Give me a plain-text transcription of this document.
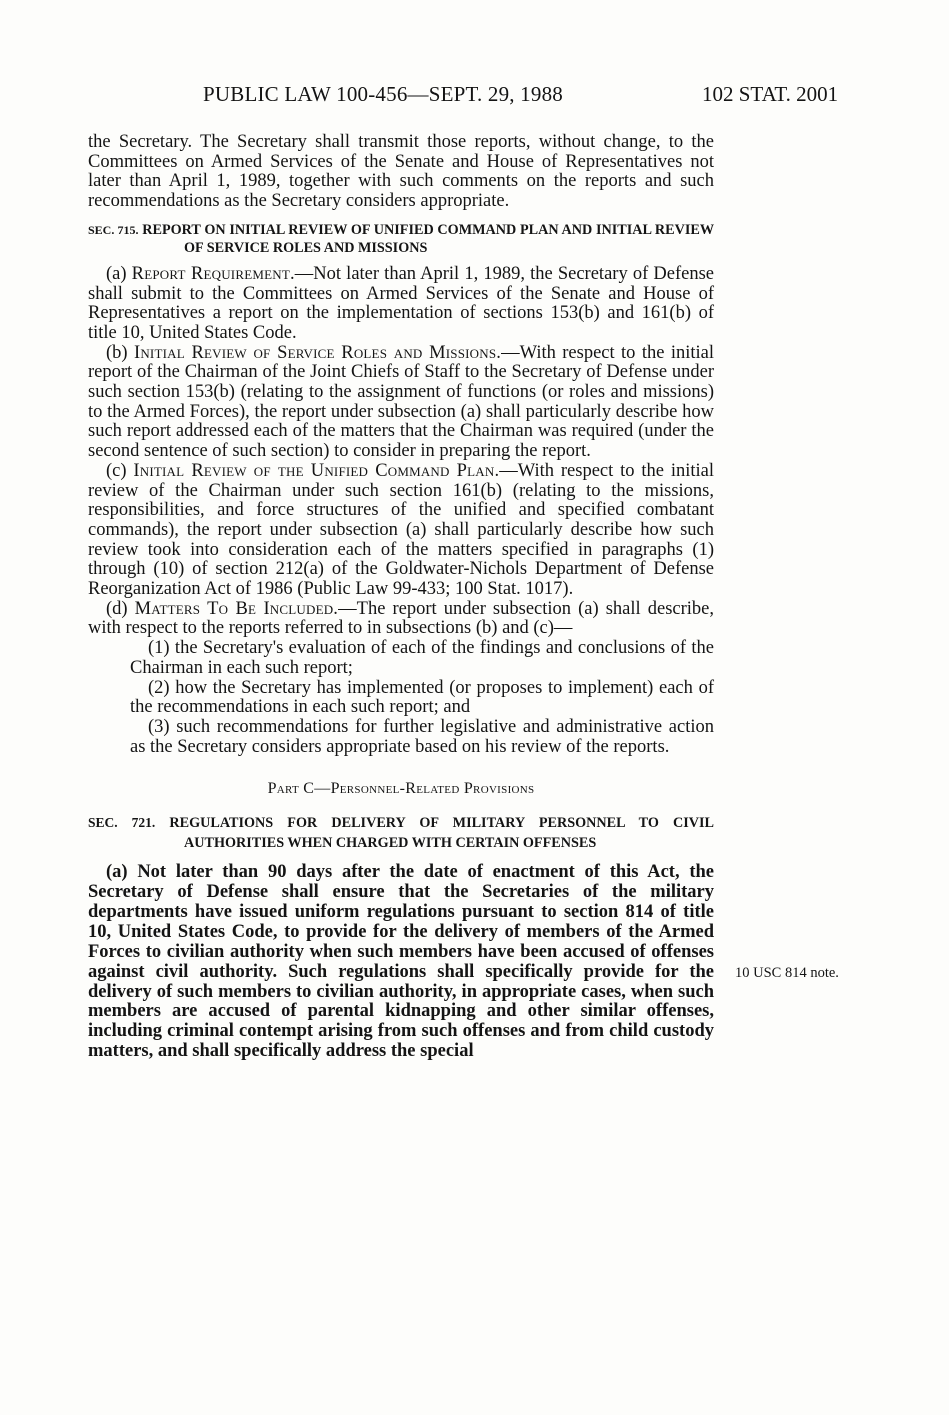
PUBLIC LAW 100-456—SEPT. 29, 1988	102 STAT. 2001

the Secretary. The Secretary shall transmit those reports, without change, to the Committees on Armed Services of the Senate and House of Representatives not later than April 1, 1989, together with such comments on the reports and such recommendations as the Secretary considers appropriate.

SEC. 715. REPORT ON INITIAL REVIEW OF UNIFIED COMMAND PLAN AND INITIAL REVIEW OF SERVICE ROLES AND MISSIONS

(a) Report Requirement.—Not later than April 1, 1989, the Secretary of Defense shall submit to the Committees on Armed Services of the Senate and House of Representatives a report on the implementation of sections 153(b) and 161(b) of title 10, United States Code.

(b) Initial Review of Service Roles and Missions.—With respect to the initial report of the Chairman of the Joint Chiefs of Staff to the Secretary of Defense under such section 153(b) (relating to the assignment of functions (or roles and missions) to the Armed Forces), the report under subsection (a) shall particularly describe how such report addressed each of the matters that the Chairman was required (under the second sentence of such section) to consider in preparing the report.

(c) Initial Review of the Unified Command Plan.—With respect to the initial review of the Chairman under such section 161(b) (relating to the missions, responsibilities, and force structures of the unified and specified combatant commands), the report under subsection (a) shall particularly describe how such review took into consideration each of the matters specified in paragraphs (1) through (10) of section 212(a) of the Goldwater-Nichols Department of Defense Reorganization Act of 1986 (Public Law 99-433; 100 Stat. 1017).

(d) Matters To Be Included.—The report under subsection (a) shall describe, with respect to the reports referred to in subsections (b) and (c)—

(1) the Secretary's evaluation of each of the findings and conclusions of the Chairman in each such report;

(2) how the Secretary has implemented (or proposes to implement) each of the recommendations in each such report; and

(3) such recommendations for further legislative and administrative action as the Secretary considers appropriate based on his review of the reports.

Part C—Personnel-Related Provisions

SEC. 721. REGULATIONS FOR DELIVERY OF MILITARY PERSONNEL TO CIVIL AUTHORITIES WHEN CHARGED WITH CERTAIN OFFENSES

(a) Not later than 90 days after the date of enactment of this Act, the Secretary of Defense shall ensure that the Secretaries of the military departments have issued uniform regulations pursuant to section 814 of title 10, United States Code, to provide for the delivery of members of the Armed Forces to civilian authority when such members have been accused of offenses against civil authority. Such regulations shall specifically provide for the delivery of such members to civilian authority, in appropriate cases, when such members are accused of parental kidnapping and other similar offenses, including criminal contempt arising from such offenses and from child custody matters, and shall specifically address the special

10 USC 814 note.
